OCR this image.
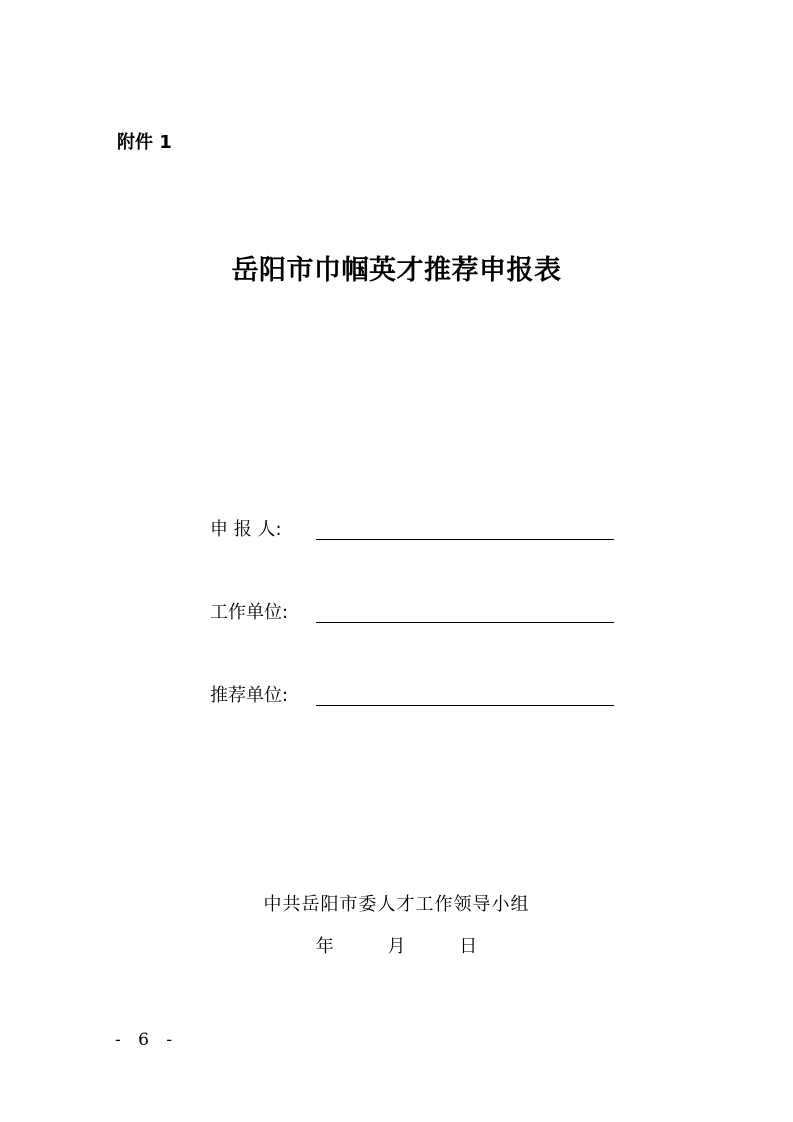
附件 1
岳阳市巾帼英才推荐申报表
申 报 人:
工作单位:
推荐单位:
中共岳阳市委人才工作领导小组
年 月 日
- 6 -
